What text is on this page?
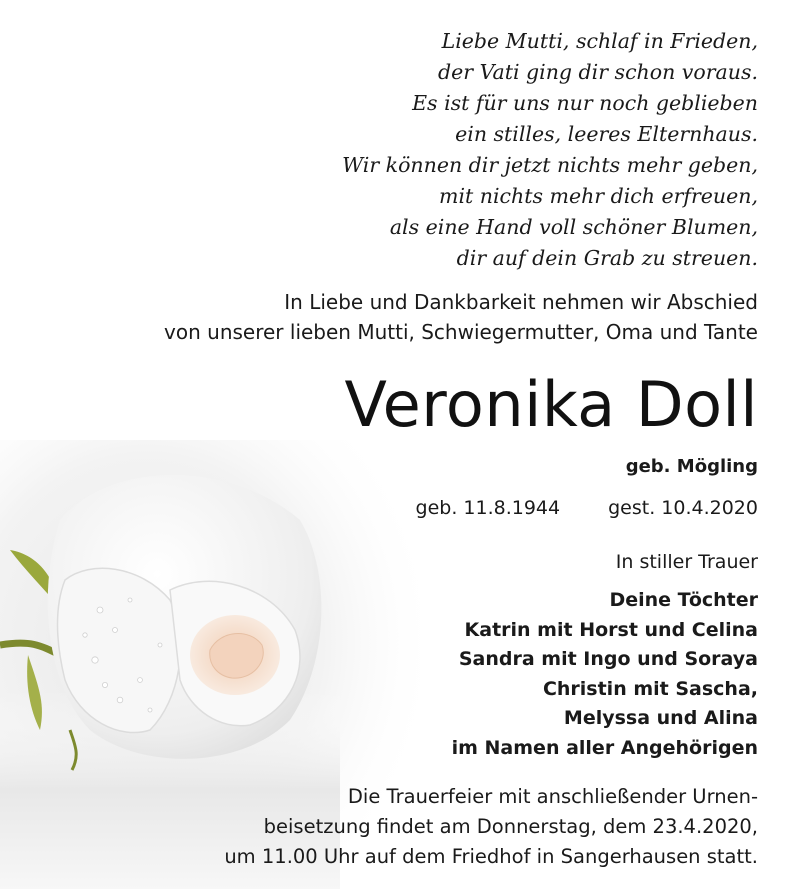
Liebe Mutti, schlaf in Frieden,
der Vati ging dir schon voraus.
Es ist für uns nur noch geblieben
ein stilles, leeres Elternhaus.
Wir können dir jetzt nichts mehr geben,
mit nichts mehr dich erfreuen,
als eine Hand voll schöner Blumen,
dir auf dein Grab zu streuen.
In Liebe und Dankbarkeit nehmen wir Abschied
von unserer lieben Mutti, Schwiegermutter, Oma und Tante
Veronika Doll
geb. Mögling
geb. 11.8.1944	gest. 10.4.2020
In stiller Trauer
Deine Töchter
Katrin mit Horst und Celina
Sandra mit Ingo und Soraya
Christin mit Sascha,
Melyssa und Alina
im Namen aller Angehörigen
Die Trauerfeier mit anschließender Urnen-
beisetzung findet am Donnerstag, dem 23.4.2020,
um 11.00 Uhr auf dem Friedhof in Sangerhausen statt.
